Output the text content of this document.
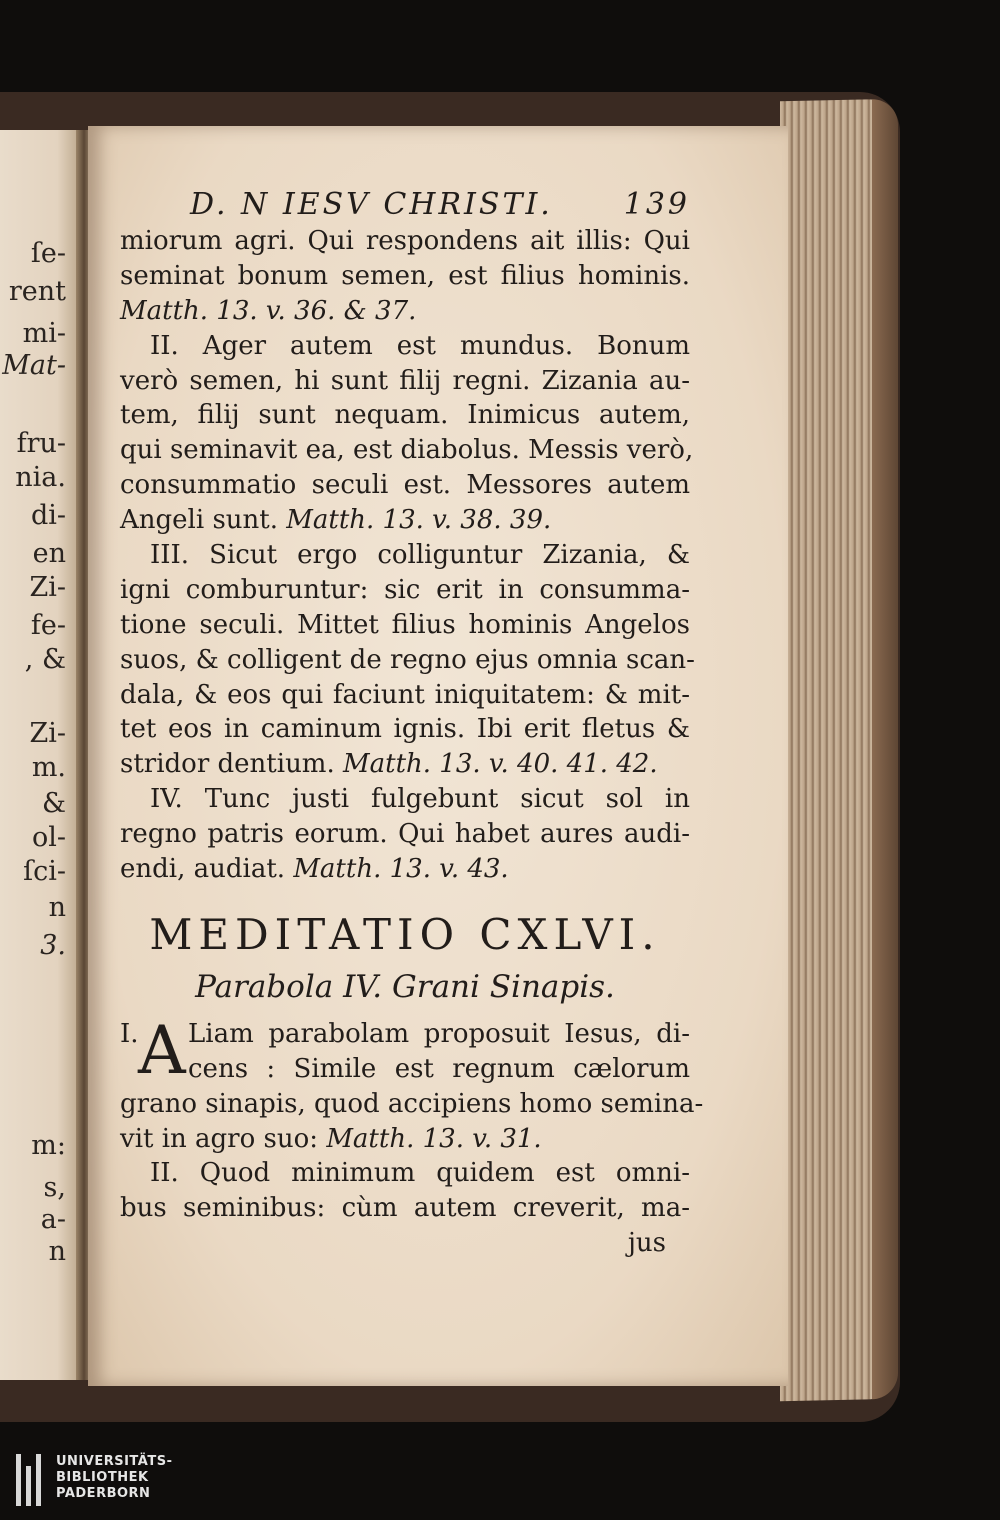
ſe-
rent
mi-
Mat-
fru-
nia.
di-
en
Zi-
fe-
, &
Zi-
m.
&
ol-
ſci-
n
3.
m:
s,
a-
n
D. N IESV CHRISTI. 139
miorum agri. Qui respondens ait illis: Qui
seminat bonum semen, est filius hominis.
Matth. 13. v. 36. & 37.
II. Ager autem est mundus. Bonum
verò semen, hi sunt filij regni. Zizania au-
tem, filij sunt nequam. Inimicus autem,
qui seminavit ea, est diabolus. Messis verò,
consummatio seculi est. Messores autem
Angeli sunt. Matth. 13. v. 38. 39.
III. Sicut ergo colliguntur Zizania, &
igni comburuntur: sic erit in consumma-
tione seculi. Mittet filius hominis Angelos
suos, & colligent de regno ejus omnia scan-
dala, & eos qui faciunt iniquitatem: & mit-
tet eos in caminum ignis. Ibi erit fletus &
stridor dentium. Matth. 13. v. 40. 41. 42.
IV. Tunc justi fulgebunt sicut sol in
regno patris eorum. Qui habet aures audi-
endi, audiat. Matth. 13. v. 43.
MEDITATIO CXLVI.
Parabola IV. Grani Sinapis.
I. A Liam parabolam proposuit Iesus, di-
cens : Simile est regnum cælorum
grano sinapis, quod accipiens homo semina-
vit in agro suo: Matth. 13. v. 31.
II. Quod minimum quidem est omni-
bus seminibus: cùm autem creverit, ma-
jus
UNIVERSITÄTS-
BIBLIOTHEK
PADERBORN
